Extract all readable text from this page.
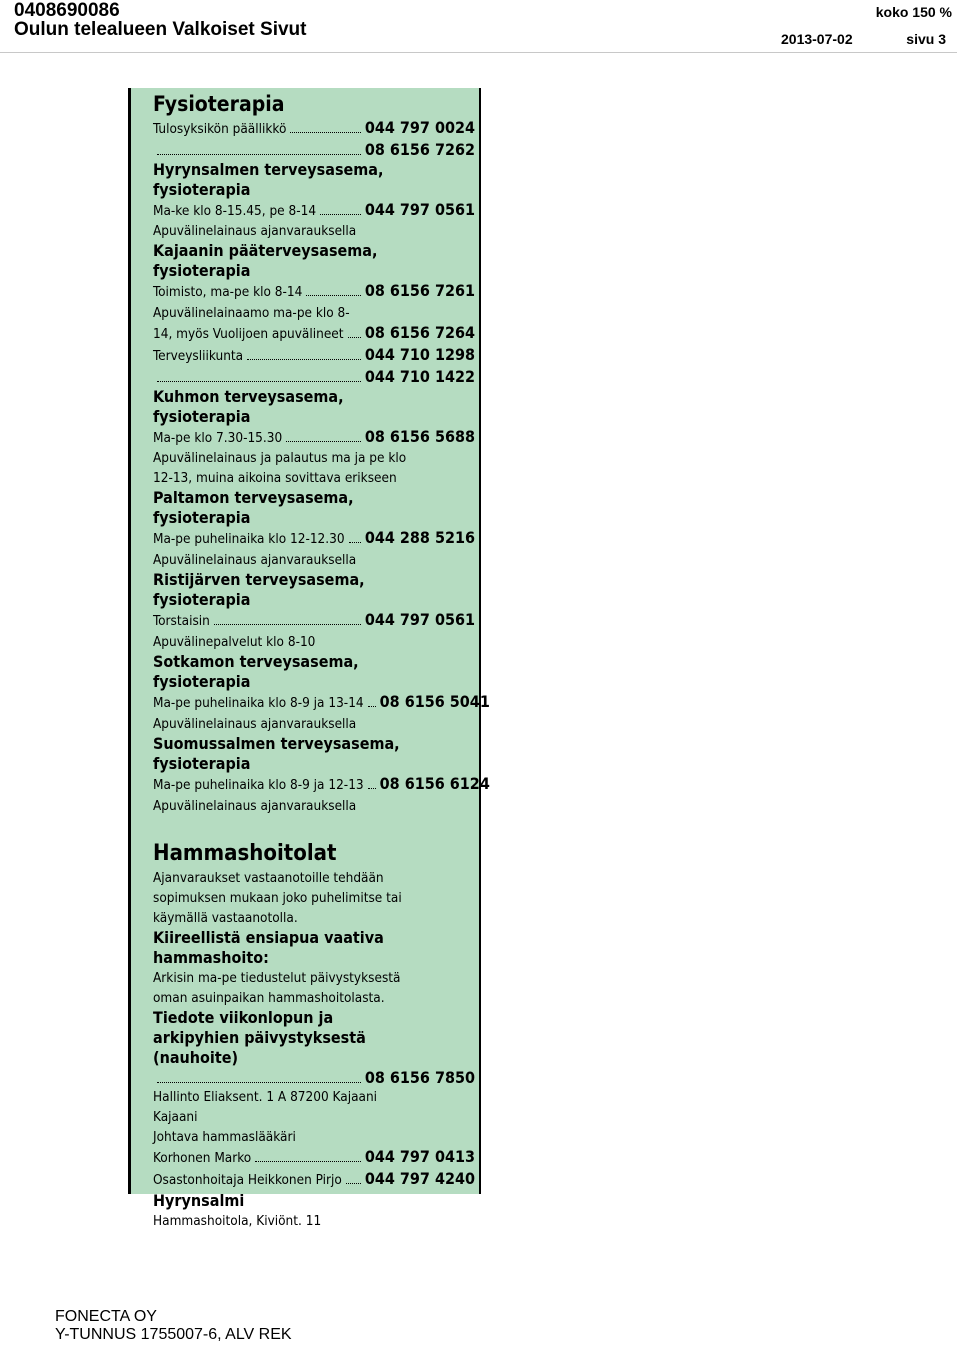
0408690086
Oulun telealueen Valkoiset Sivut
koko 150 %
2013-07-02	sivu 3
Fysioterapia
Tulosyksikön päällikkö	044 797 0024
08 6156 7262
Hyrynsalmen terveysasema,
fysioterapia
Ma-ke klo 8-15.45, pe 8-14	044 797 0561
Apuvälinelainaus ajanvarauksella
Kajaanin pääterveysasema,
fysioterapia
Toimisto, ma-pe klo 8-14	08 6156 7261
Apuvälinelainaamo ma-pe klo 8-
14, myös Vuolijoen apuvälineet 08 6156 7264
Terveysliikunta	044 710 1298
044 710 1422
Kuhmon terveysasema,
fysioterapia
Ma-pe klo 7.30-15.30	08 6156 5688
Apuvälinelainaus ja palautus ma ja pe klo
12-13, muina aikoina sovittava erikseen
Paltamon terveysasema,
fysioterapia
Ma-pe puhelinaika klo 12-12.30 044 288 5216
Apuvälinelainaus ajanvarauksella
Ristijärven terveysasema,
fysioterapia
Torstaisin	044 797 0561
Apuvälinepalvelut klo 8-10
Sotkamon terveysasema,
fysioterapia
Ma-pe puhelinaika klo 8-9 ja 13-14 08 6156 5041
Apuvälinelainaus ajanvarauksella
Suomussalmen terveysasema,
fysioterapia
Ma-pe puhelinaika klo 8-9 ja 12-13 08 6156 6124
Apuvälinelainaus ajanvarauksella
Hammashoitolat
Ajanvaraukset vastaanotoille tehdään
sopimuksen mukaan joko puhelimitse tai
käymällä vastaanotolla.
Kiireellistä ensiapua vaativa
hammashoito:
Arkisin ma-pe tiedustelut päivystyksestä
oman asuinpaikan hammashoitolasta.
Tiedote viikonlopun ja
arkipyhien päivystyksestä
(nauhoite)
08 6156 7850
Hallinto Eliaksent. 1 A 87200 Kajaani
Kajaani
Johtava hammaslääkäri
Korhonen Marko	044 797 0413
Osastonhoitaja Heikkonen Pirjo 044 797 4240
Hyrynsalmi
Hammashoitola, Kiviönt. 11
FONECTA OY
Y-TUNNUS 1755007-6, ALV REK
